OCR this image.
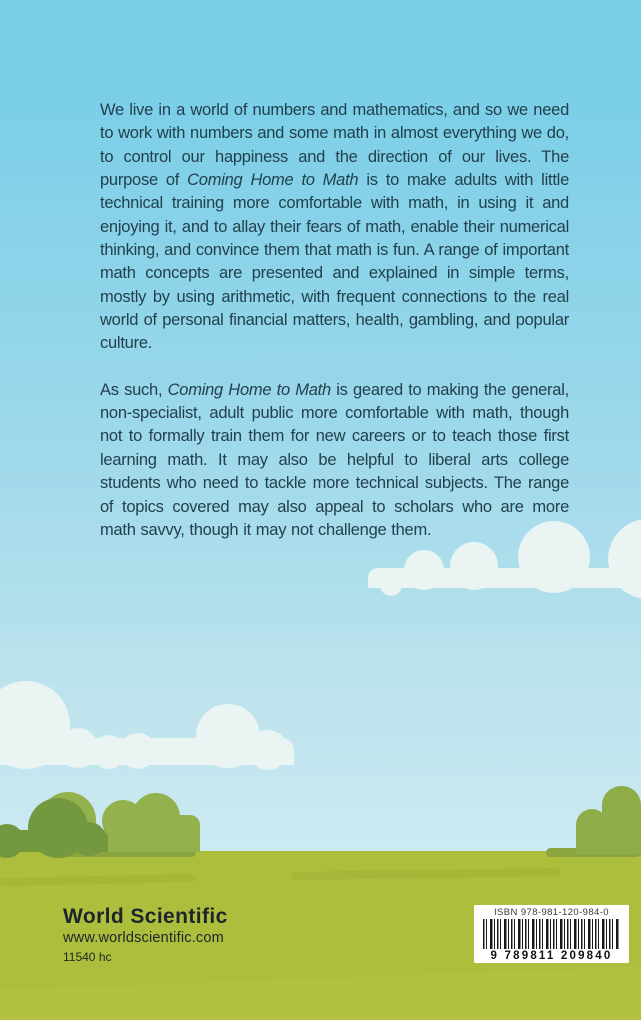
We live in a world of numbers and mathematics, and so we need to work with numbers and some math in almost everything we do, to control our happiness and the direction of our lives. The purpose of Coming Home to Math is to make adults with little technical training more comfortable with math, in using it and enjoying it, and to allay their fears of math, enable their numerical thinking, and convince them that math is fun. A range of important math concepts are presented and explained in simple terms, mostly by using arithmetic, with frequent connections to the real world of personal financial matters, health, gambling, and popular culture.

As such, Coming Home to Math is geared to making the general, non-specialist, adult public more comfortable with math, though not to formally train them for new careers or to teach those first learning math. It may also be helpful to liberal arts college students who need to tackle more technical subjects. The range of topics covered may also appeal to scholars who are more math savvy, though it may not challenge them.

World Scientific
www.worldscientific.com
11540 hc
ISBN 978-981-120-984-0
9 789811 209840
